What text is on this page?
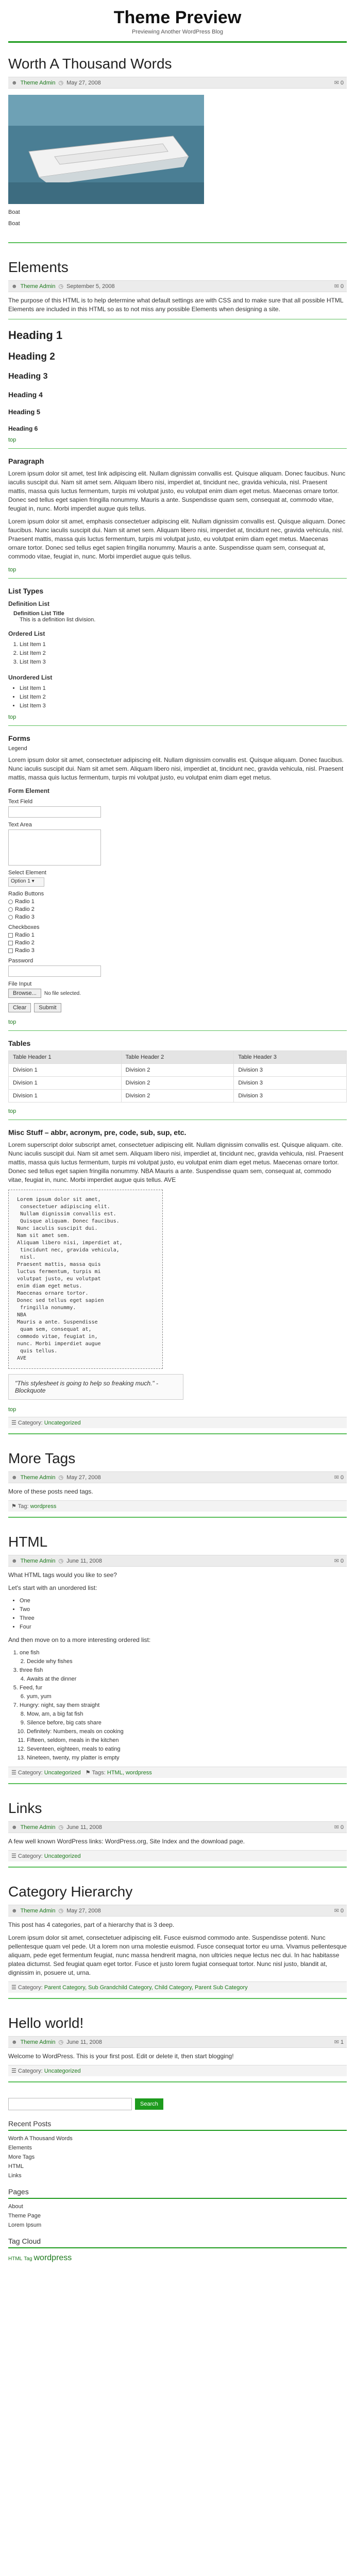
Theme Preview
Previewing Another WordPress Blog
Worth A Thousand Words
☻ Theme Admin ◷ May 27, 2008	✉ 0
Boat
Boat
Elements
☻ Theme Admin ◷ September 5, 2008	✉ 0

The purpose of this HTML is to help determine what default settings are with CSS and to make sure that all possible HTML Elements are included in this HTML so as to not miss any possible Elements when designing a site.

Heading 1
Heading 2
Heading 3
Heading 4
Heading 5
Heading 6
top
Paragraph

Lorem ipsum dolor sit amet, test link adipiscing elit. Nullam dignissim convallis est. Quisque aliquam. Donec faucibus. Nunc iaculis suscipit dui. Nam sit amet sem. Aliquam libero nisi, imperdiet at, tincidunt nec, gravida vehicula, nisl. Praesent mattis, massa quis luctus fermentum, turpis mi volutpat justo, eu volutpat enim diam eget metus. Maecenas ornare tortor. Donec sed tellus eget sapien fringilla nonummy. Mauris a ante. Suspendisse quam sem, consequat at, commodo vitae, feugiat in, nunc. Morbi imperdiet augue quis tellus.

Lorem ipsum dolor sit amet, emphasis consectetuer adipiscing elit. Nullam dignissim convallis est. Quisque aliquam. Donec faucibus. Nunc iaculis suscipit dui. Nam sit amet sem. Aliquam libero nisi, imperdiet at, tincidunt nec, gravida vehicula, nisl. Praesent mattis, massa quis luctus fermentum, turpis mi volutpat justo, eu volutpat enim diam eget metus. Maecenas ornare tortor. Donec sed tellus eget sapien fringilla nonummy. Mauris a ante. Suspendisse quam sem, consequat at, commodo vitae, feugiat in, nunc. Morbi imperdiet augue quis tellus.

top
List Types
Definition List
Definition List Title
This is a definition list division.
Ordered List
1. List Item 1
2. List Item 2
3. List Item 3
Unordered List
• List Item 1
• List Item 2
• List Item 3
top
Forms
Legend

Lorem ipsum dolor sit amet, consectetuer adipiscing elit. Nullam dignissim convallis est. Quisque aliquam. Donec faucibus. Nunc iaculis suscipit dui. Nam sit amet sem. Aliquam libero nisi, imperdiet at, tincidunt nec, gravida vehicula, nisl. Praesent mattis, massa quis luctus fermentum, turpis mi volutpat justo, eu volutpat enim diam eget metus.

Form Element
Text Field
Text Area
Select Element
Option 1 ▾
Radio Buttons
Radio 1
Radio 2
Radio 3
Checkboxes
Radio 1
Radio 2
Radio 3
Password
File Input
Browse...	No file selected.
Clear	Submit
top
Tables
Table Header 1	Table Header 2	Table Header 3
Division 1	Division 2	Division 3
Division 1	Division 2	Division 3
Division 1	Division 2	Division 3
top
Misc Stuff – abbr, acronym, pre, code, sub, sup, etc.

Lorem superscript dolor subscript amet, consectetuer adipiscing elit. Nullam dignissim convallis est. Quisque aliquam. cite. Nunc iaculis suscipit dui. Nam sit amet sem. Aliquam libero nisi, imperdiet at, tincidunt nec, gravida vehicula, nisl. Praesent mattis, massa quis luctus fermentum, turpis mi volutpat justo, eu volutpat enim diam eget metus. Maecenas ornare tortor. Donec sed tellus eget sapien fringilla nonummy. NBA Mauris a ante. Suspendisse quam sem, consequat at, commodo vitae, feugiat in, nunc. Morbi imperdiet augue quis tellus. AVE

Lorem ipsum dolor sit amet,
consectetuer adipiscing elit.
Nullam dignissim convallis est.
Quisque aliquam. Donec faucibus.
Nunc iaculis suscipit dui.
Nam sit amet sem.
Aliquam libero nisi, imperdiet at,
tincidunt nec, gravida vehicula,
nisl.
Praesent mattis, massa quis
luctus fermentum, turpis mi
volutpat justo, eu volutpat
enim diam eget metus.
Maecenas ornare tortor.
Donec sed tellus eget sapien
fringilla nonummy.
NBA
Mauris a ante. Suspendisse
quam sem, consequat at,
commodo vitae, feugiat in,
nunc. Morbi imperdiet augue
quis tellus.
AVE
"This stylesheet is going to help so freaking much." -Blockquote
top
☰ Category: Uncategorized
More Tags
☻ Theme Admin ◷ May 27, 2008	✉ 0

More of these posts need tags.

⚑ Tag: wordpress
HTML
☻ Theme Admin ◷ June 11, 2008	✉ 0

What HTML tags would you like to see?

Let's start with an unordered list:

• One
• Two
• Three
• Four

And then move on to a more interesting ordered list:

1. one fish
2. Decide why fishes
3. three fish
4. Awaits at the dinner
5. Feed, fur
6. yum, yum
7. Hungry: night, say them straight
8. Mow, am, a big fat fish
9. Silence before, big cats share
10. Definitely: Numbers, meals on cooking
11. Fifteen, seldom, meals in the kitchen
12. Seventeen, eighteen, meals to eating
13. Nineteen, twenty, my platter is empty
☰ Category: Uncategorized ⚑ Tags: HTML, wordpress
Links
☻ Theme Admin ◷ June 11, 2008	✉ 0

A few well known WordPress links: WordPress.org, Site Index and the download page.

☰ Category: Uncategorized
Category Hierarchy
☻ Theme Admin ◷ May 27, 2008	✉ 0

This post has 4 categories, part of a hierarchy that is 3 deep.

Lorem ipsum dolor sit amet, consectetuer adipiscing elit. Fusce euismod commodo ante. Suspendisse potenti. Nunc pellentesque quam vel pede. Ut a lorem non urna molestie euismod. Fusce consequat tortor eu urna. Vivamus pellentesque aliquam, pede eget fermentum feugiat, nunc massa hendrerit magna, non ultricies neque lectus nec dui. In hac habitasse platea dictumst. Sed feugiat quam eget tortor. Fusce et justo lorem fugiat consequat tortor. Nunc nisl justo, blandit at, dignissim in, posuere ut, urna.

☰ Category: Parent Category, Sub Grandchild Category, Child Category, Parent Sub Category
Hello world!
☻ Theme Admin ◷ June 11, 2008	✉ 1

Welcome to WordPress. This is your first post. Edit or delete it, then start blogging!

☰ Category: Uncategorized
Search
Recent Posts
Worth A Thousand Words
Elements
More Tags
HTML
Links
Pages
About
Theme Page
Lorem Ipsum
Tag Cloud
HTML Tag wordpress
